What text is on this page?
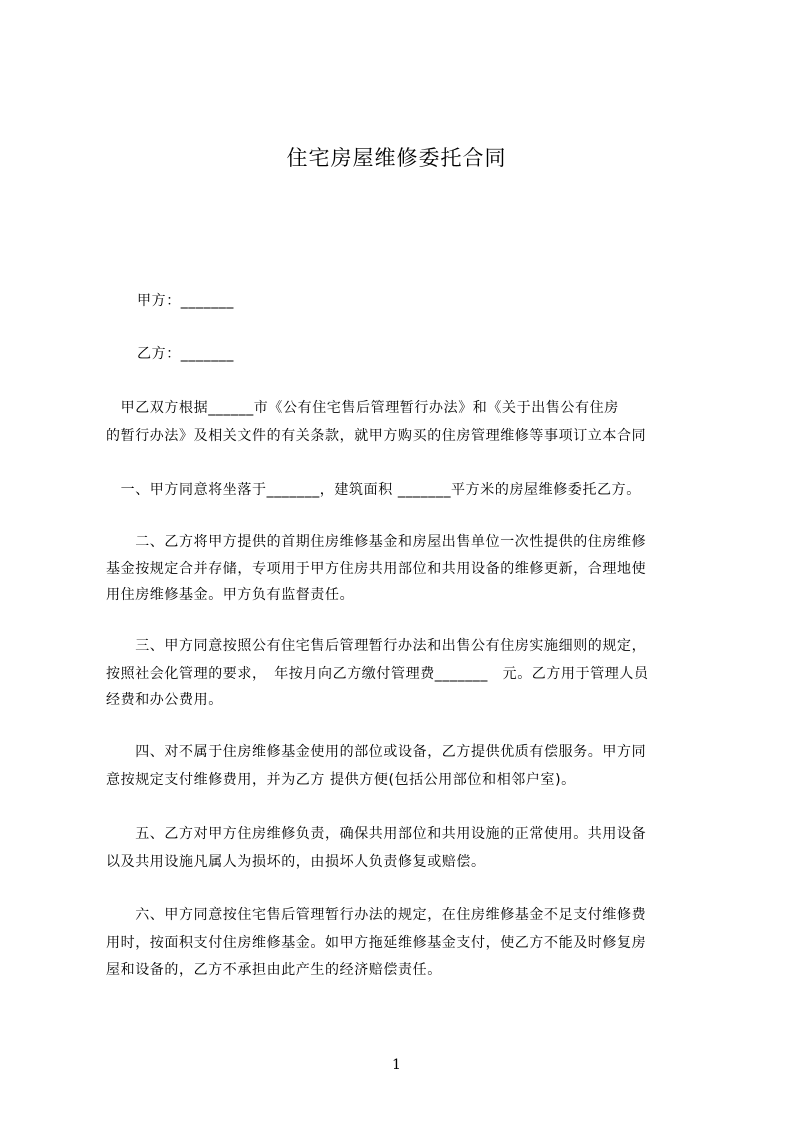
住宅房屋维修委托合同
甲方：_______
乙方：_______
　甲乙双方根据______市《公有住宅售后管理暂行办法》和《关于出售公有住房
的暂行办法》及相关文件的有关条款，就甲方购买的住房管理维修等事项订立本合同
　一、甲方同意将坐落于_______，建筑面积 _______平方米的房屋维修委托乙方。
　　二、乙方将甲方提供的首期住房维修基金和房屋出售单位一次性提供的住房维修
基金按规定合并存储，专项用于甲方住房共用部位和共用设备的维修更新，合理地使
用住房维修基金。甲方负有监督责任。
　　三、甲方同意按照公有住宅售后管理暂行办法和出售公有住房实施细则的规定，
按照社会化管理的要求，　年按月向乙方缴付管理费_______　元。乙方用于管理人员
经费和办公费用。
　　四、对不属于住房维修基金使用的部位或设备，乙方提供优质有偿服务。甲方同
意按规定支付维修费用，并为乙方 提供方便(包括公用部位和相邻户室)。
　　五、乙方对甲方住房维修负责，确保共用部位和共用设施的正常使用。共用设备
以及共用设施凡属人为损坏的，由损坏人负责修复或赔偿。
　　六、甲方同意按住宅售后管理暂行办法的规定，在住房维修基金不足支付维修费
用时，按面积支付住房维修基金。如甲方拖延维修基金支付，使乙方不能及时修复房
屋和设备的，乙方不承担由此产生的经济赔偿责任。
1
